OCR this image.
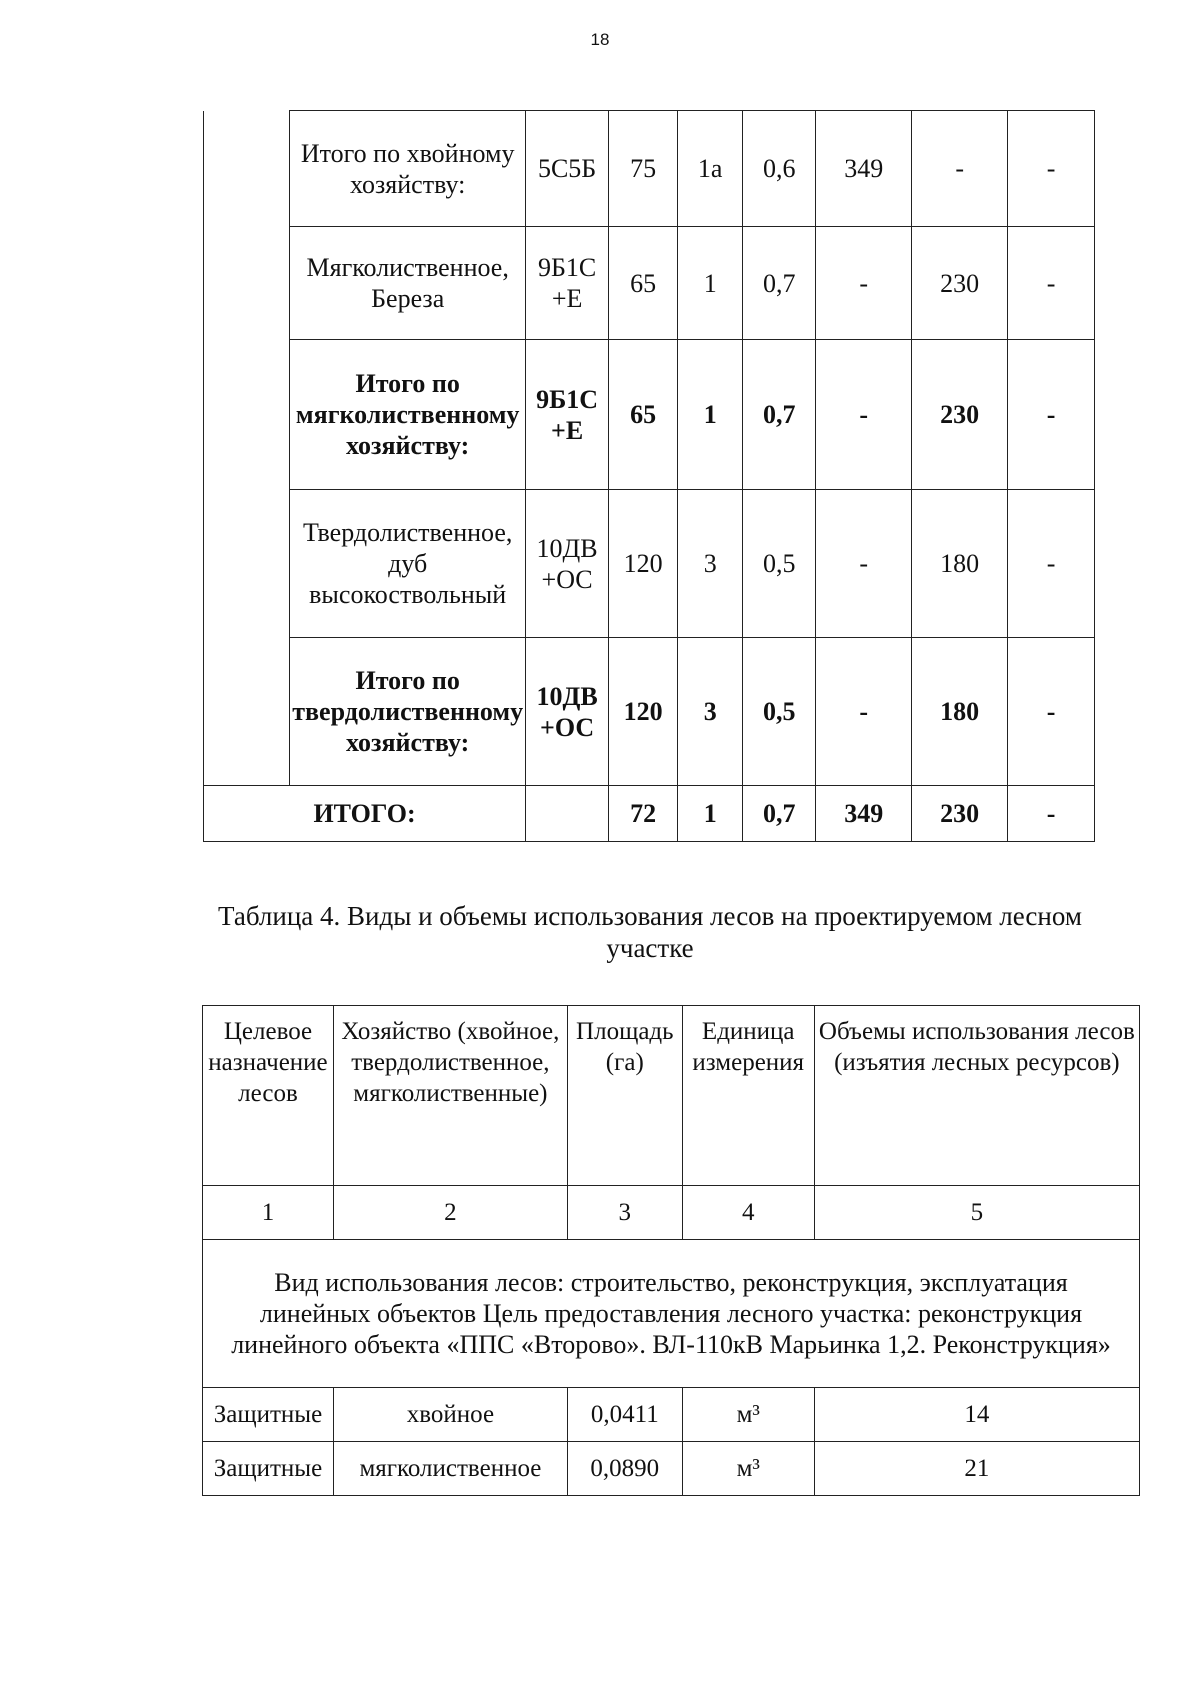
18
	Итого по хвойному хозяйству:	5С5Б	75	1а	0,6	349	-	-
	Мягколиственное, Береза	9Б1С +Е	65	1	0,7	-	230	-
	Итого по мягколиственному хозяйству:	9Б1С +Е	65	1	0,7	-	230	-
	Твердолиственное, дуб высокоствольный	10ДВ +ОС	120	3	0,5	-	180	-
	Итого по твердолиственному хозяйству:	10ДВ +ОС	120	3	0,5	-	180	-
ИТОГО:			72	1	0,7	349	230	-
Таблица 4. Виды и объемы использования лесов на проектируемом лесном участке
Целевое назначение лесов	Хозяйство (хвойное, твердолиственное, мягколиственные)	Площадь (га)	Единица измерения	Объемы использования лесов (изъятия лесных ресурсов)
1	2	3	4	5
Вид использования лесов: строительство, реконструкция, эксплуатация линейных объектов Цель предоставления лесного участка: реконструкция линейного объекта «ППС «Второво». ВЛ-110кВ Марьинка 1,2. Реконструкция»				
Защитные	хвойное	0,0411	м³	14
Защитные	мягколиственное	0,0890	м³	21
